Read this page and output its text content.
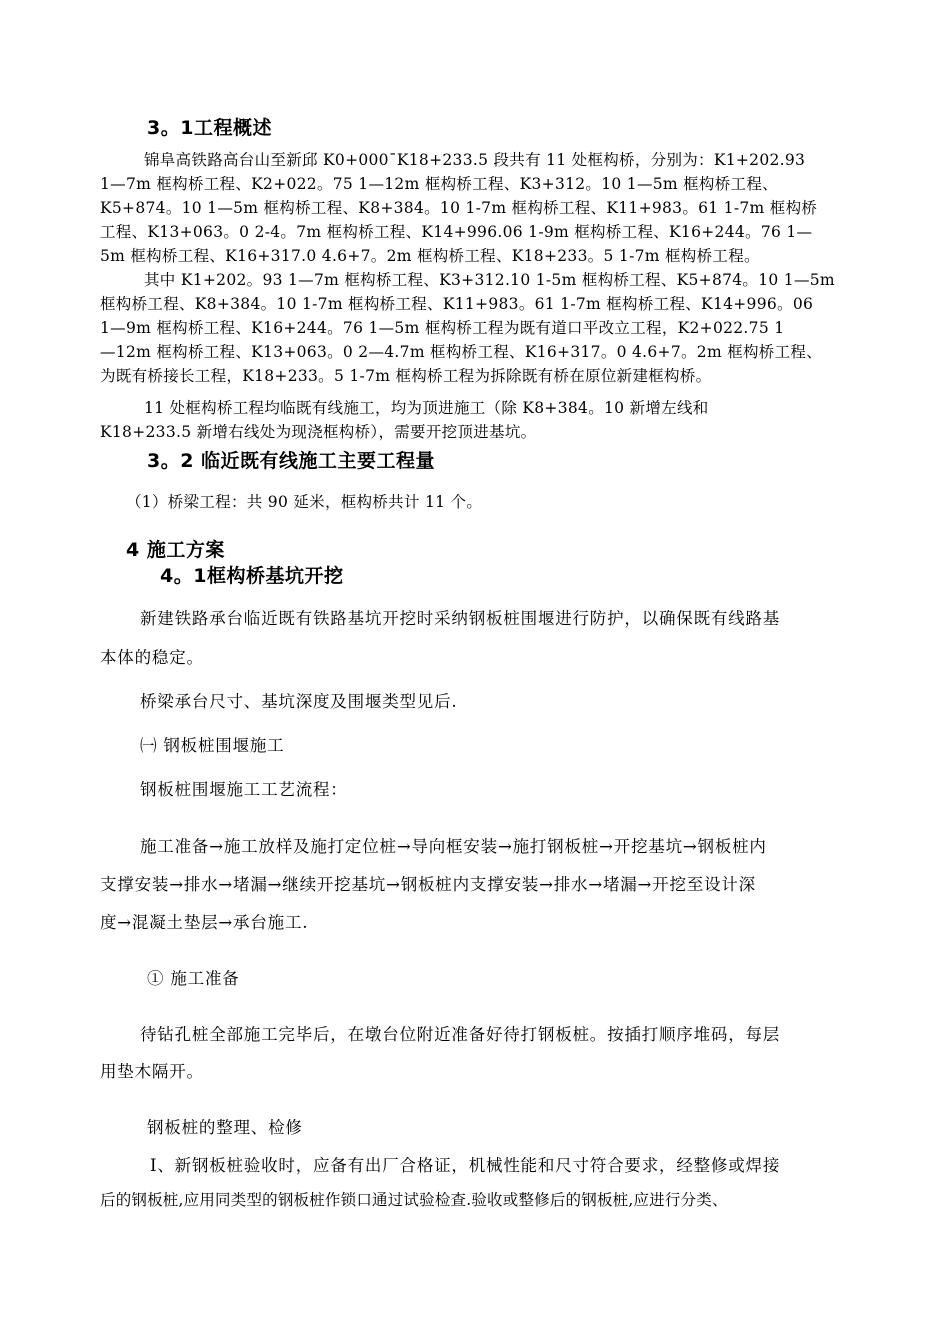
3。1工程概述
锦阜高铁路高台山至新邱 K0+000¯K18+233.5 段共有 11 处框构桥，分别为：K1+202.93
1—7m 框构桥工程、K2+022。75 1—12m 框构桥工程、K3+312。10 1—5m 框构桥工程、
K5+874。10 1—5m 框构桥工程、K8+384。10 1-7m 框构桥工程、K11+983。61 1-7m 框构桥
工程、K13+063。0 2-4。7m 框构桥工程、K14+996.06 1-9m 框构桥工程、K16+244。76 1—
5m 框构桥工程、K16+317.0 4.6+7。2m 框构桥工程、K18+233。5 1-7m 框构桥工程。
其中 K1+202。93 1—7m 框构桥工程、K3+312.10 1-5m 框构桥工程、K5+874。10 1—5m
框构桥工程、K8+384。10 1-7m 框构桥工程、K11+983。61 1-7m 框构桥工程、K14+996。06
1—9m 框构桥工程、K16+244。76 1—5m 框构桥工程为既有道口平改立工程，K2+022.75 1
—12m 框构桥工程、K13+063。0 2—4.7m 框构桥工程、K16+317。0 4.6+7。2m 框构桥工程、
为既有桥接长工程，K18+233。5 1-7m 框构桥工程为拆除既有桥在原位新建框构桥。
11 处框构桥工程均临既有线施工，均为顶进施工（除 K8+384。10 新增左线和
K18+233.5 新增右线处为现浇框构桥），需要开挖顶进基坑。
3。2 临近既有线施工主要工程量
（1）桥梁工程：共 90 延米，框构桥共计 11 个。
4 施工方案
4。1框构桥基坑开挖
新建铁路承台临近既有铁路基坑开挖时采纳钢板桩围堰进行防护，以确保既有线路基
本体的稳定。
桥梁承台尺寸、基坑深度及围堰类型见后.
㈠ 钢板桩围堰施工
钢板桩围堰施工工艺流程：
施工准备→施工放样及施打定位桩→导向框安装→施打钢板桩→开挖基坑→钢板桩内
支撑安装→排水→堵漏→继续开挖基坑→钢板桩内支撑安装→排水→堵漏→开挖至设计深
度→混凝土垫层→承台施工.
① 施工准备
待钻孔桩全部施工完毕后，在墩台位附近准备好待打钢板桩。按插打顺序堆码，每层
用垫木隔开。
钢板桩的整理、检修
Ⅰ、新钢板桩验收时，应备有出厂合格证，机械性能和尺寸符合要求，经整修或焊接
后的钢板桩,应用同类型的钢板桩作锁口通过试验检查.验收或整修后的钢板桩,应进行分类、
